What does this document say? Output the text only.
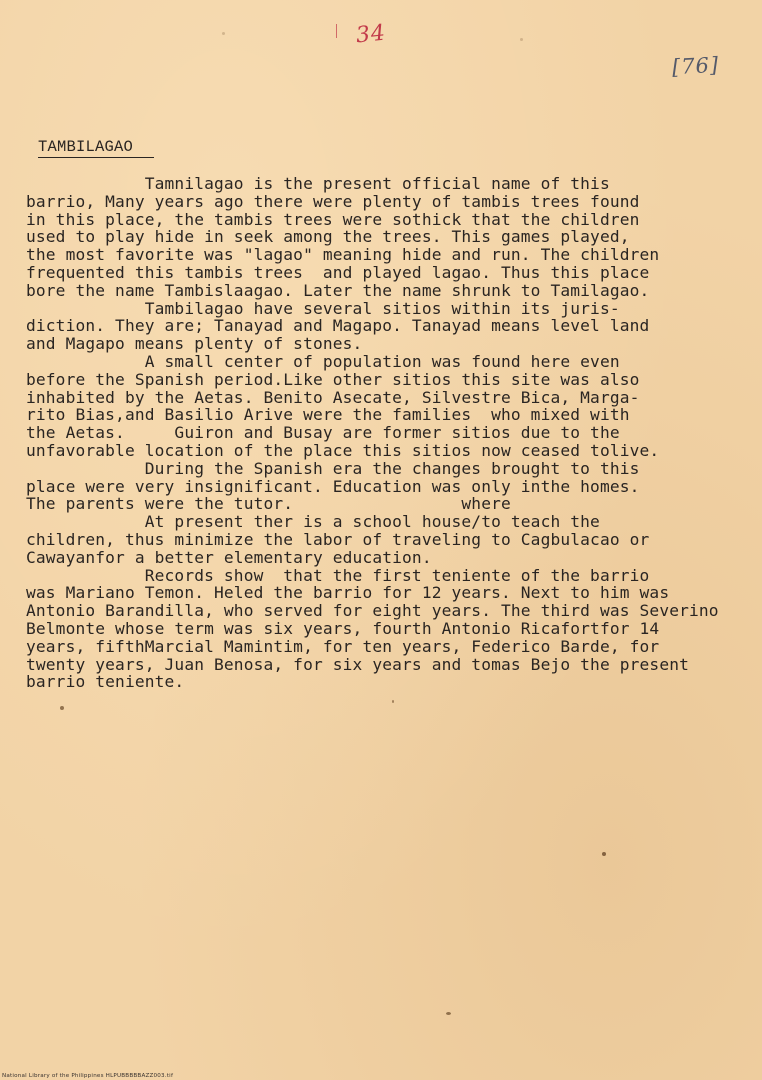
34
[76]
TAMBILAGAO
Tamnilagao is the present official name of this
barrio, Many years ago there were plenty of tambis trees found
in this place, the tambis trees were sothick that the children
used to play hide in seek among the trees. This games played,
the most favorite was "lagao" meaning hide and run. The children
frequented this tambis trees  and played lagao. Thus this place
bore the name Tambislaagao. Later the name shrunk to Tamilagao.
Tambilagao have several sitios within its juris-
diction. They are; Tanayad and Magapo. Tanayad means level land
and Magapo means plenty of stones.
A small center of population was found here even
before the Spanish period.Like other sitios this site was also
inhabited by the Aetas. Benito Asecate, Silvestre Bica, Marga-
rito Bias,and Basilio Arive were the families  who mixed with
the Aetas.     Guiron and Busay are former sitios due to the
unfavorable location of the place this sitios now ceased tolive.
During the Spanish era the changes brought to this
place were very insignificant. Education was only inthe homes.
The parents were the tutor.                 where
At present ther is a school house/to teach the
children, thus minimize the labor of traveling to Cagbulacao or
Cawayanfor a better elementary education.
Records show  that the first teniente of the barrio
was Mariano Temon. Heled the barrio for 12 years. Next to him was
Antonio Barandilla, who served for eight years. The third was Severino
Belmonte whose term was six years, fourth Antonio Ricafortfor 14
years, fifthMarcial Mamintim, for ten years, Federico Barde, for
twenty years, Juan Benosa, for six years and tomas Bejo the present
barrio teniente.
National Library of the Philippines HLPUBBBBBAZZ003.tif
